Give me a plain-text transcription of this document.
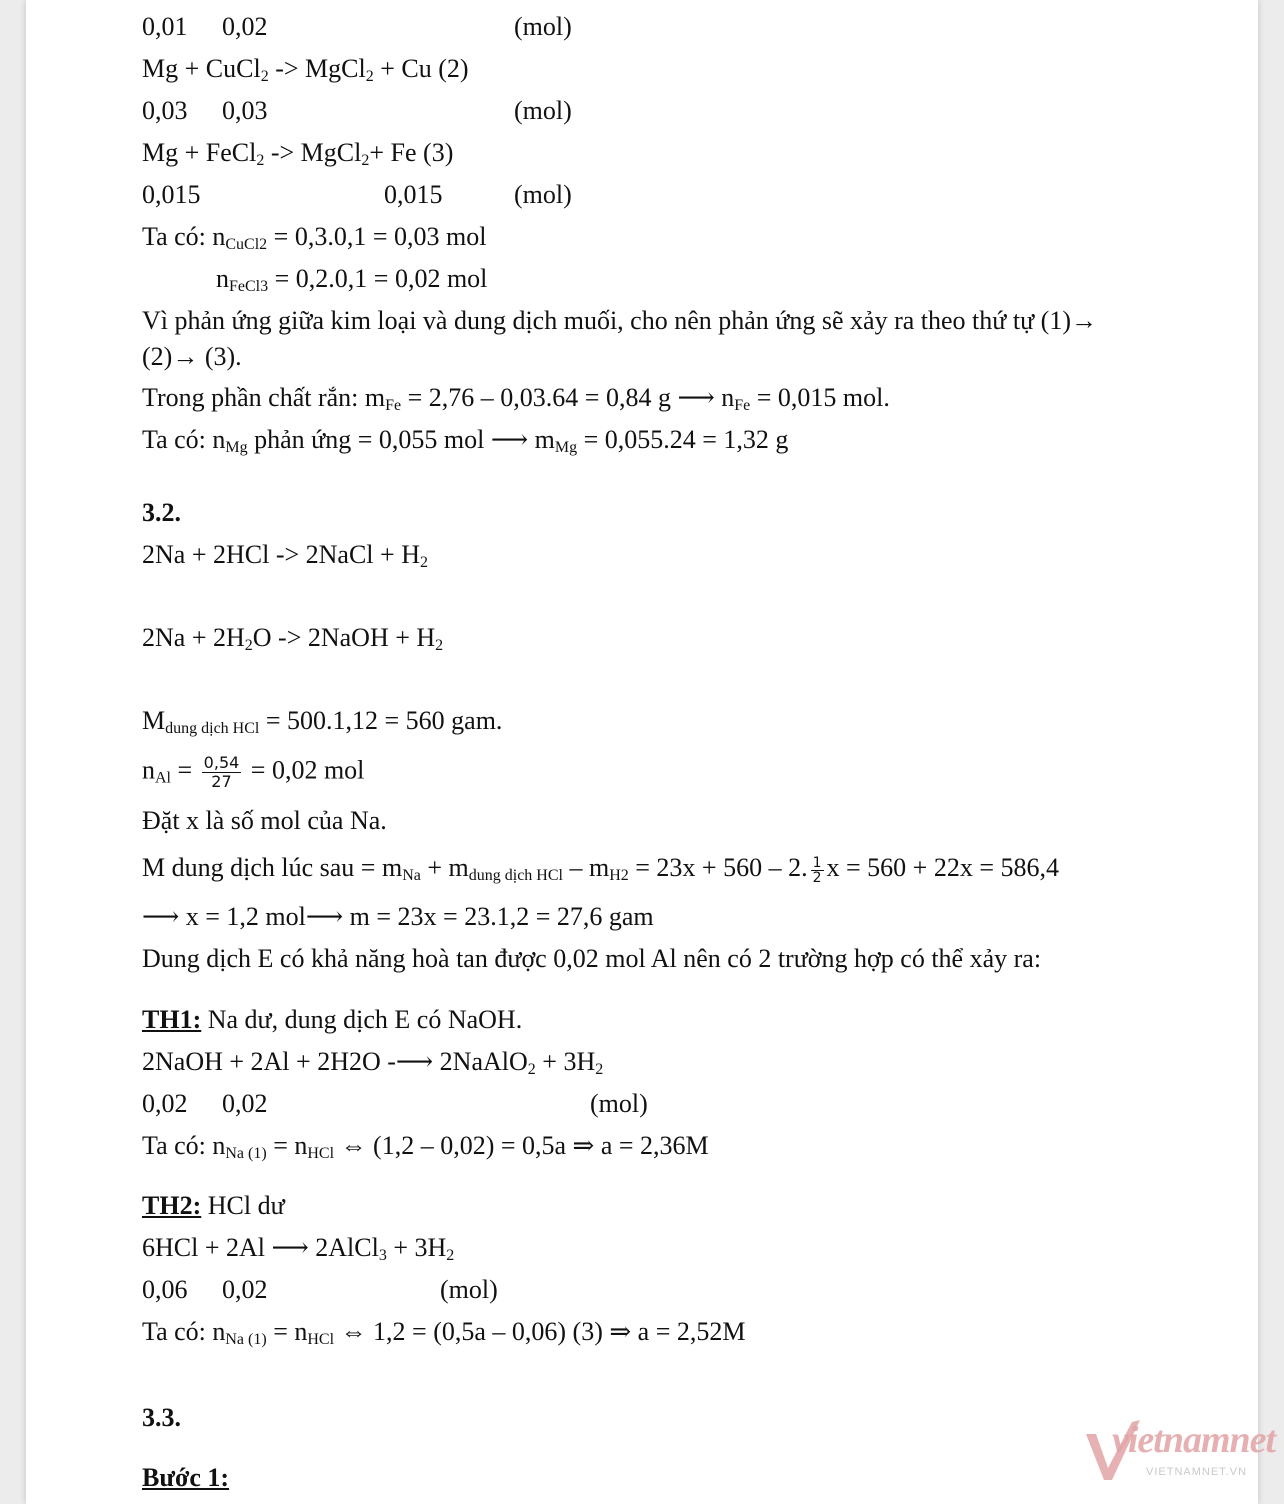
0,01 0,02	(mol)
Mg + CuCl$_2$ -> MgCl$_2$ + Cu (2)
0,03 0,03	(mol)
Mg + FeCl$_2$ -> MgCl$_2$+ Fe (3)
0,015	0,015	(mol)
Ta có: $n_{CuCl2} = 0,3.0,1 = 0,03$ mol
$n_{FeCl3} = 0,2.0,1 = 0,02$ mol
Vì phản ứng giữa kim loại và dung dịch muối, cho nên phản ứng sẽ xảy ra theo thứ tự (1)→
(2)→ (3).
Trong phần chất rắn: $m_{Fe} = 2,76 - 0,03.64 = 0,84$ g ⟶ $n_{Fe} = 0,015$ mol.
Ta có: $n_{Mg}$ phản ứng = 0,055 mol ⟶ $m_{Mg} = 0,055.24 = 1,32$ g
3.2.
2Na + 2HCl -> 2NaCl + $H_2$
$2Na + 2H_2O$ -> 2NaOH + $H_2$
$M_{dung dịch HCl} = 500.1,12 = 560$ gam.
$n_{Al} = \frac{0,54}{27} = 0,02$ mol
Đặt x là số mol của Na.
M dung dịch lúc sau = $m_{Na} + m_{dung dịch HCl} - m_{H2} = 23x + 560 - 2$. $\frac{1}{2}$ x = 560 + 22x = 586,4
⟶ x = 1,2 mol⟶ m = 23x = 23.1,2 = 27,6 gam
Dung dịch E có khả năng hoà tan được 0,02 mol Al nên có 2 trường hợp có thể xảy ra:
TH1: Na dư, dung dịch E có NaOH.
2NaOH + 2Al + 2H2O -⟶ 2NaAlO$_2$ + $3H_2$
0,02 0,02	(mol)
Ta có: $n_{Na (1)} = n_{HCl}$ ⇔ (1,2 – 0,02) = 0,5a ⇒ a = 2,36M
TH2: HCl dư
6HCl + 2Al ⟶ 2AlCl$_3$ + $3H_2$
0,06 0,02	(mol)
Ta có: $n_{Na (1)} = n_{HCl}$ ⇔ 1,2 = (0,5a – 0,06) (3) ⇒ a = 2,52M
3.3.
Bước 1:
vietnamnet
VIETNAMNET.VN
